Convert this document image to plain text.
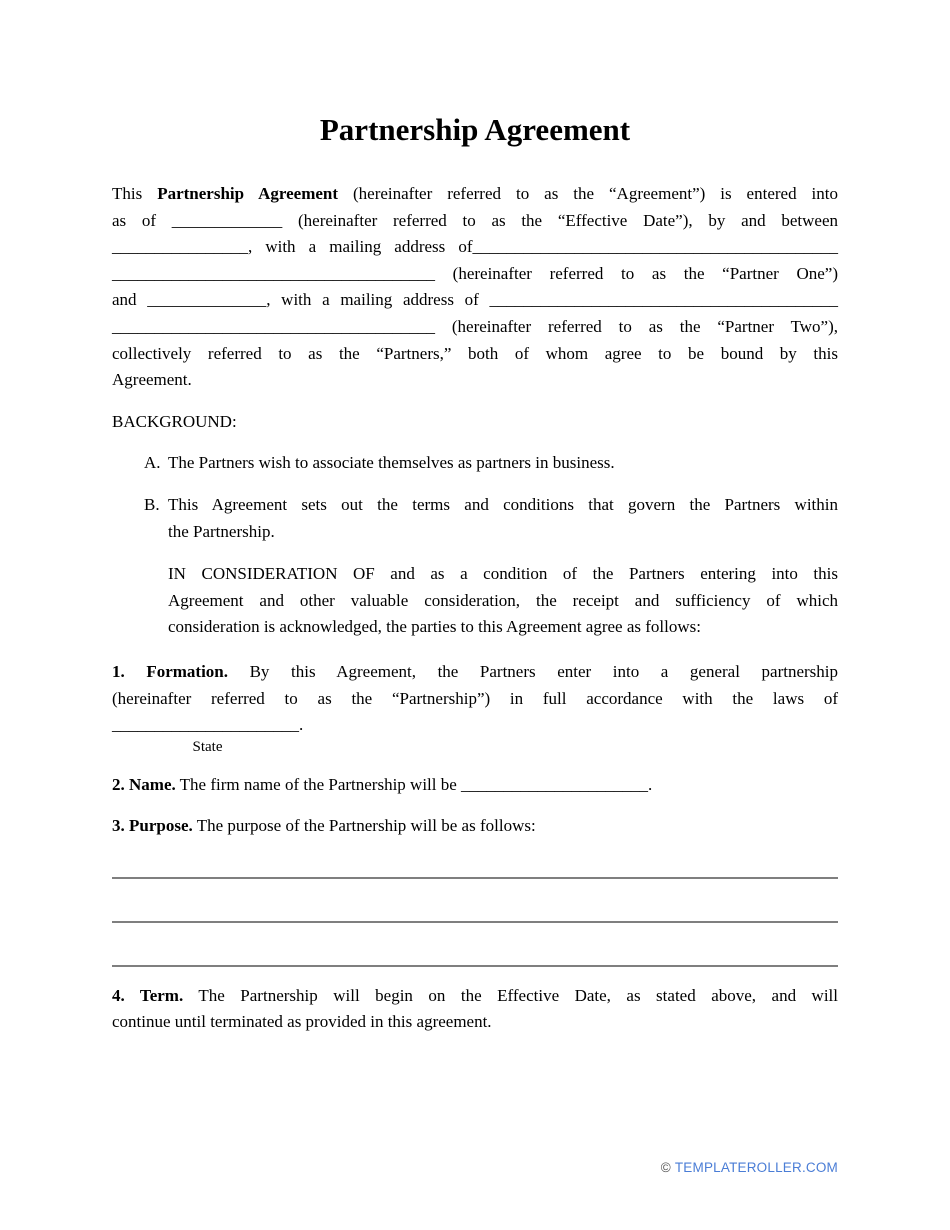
Partnership Agreement
This Partnership Agreement (hereinafter referred to as the “Agreement”) is entered into
as of _____________ (hereinafter referred to as the “Effective Date”), by and between
________________, with a mailing address of___________________________________________
______________________________________ (hereinafter referred to as the “Partner One”)
and ______________, with a mailing address of _________________________________________
______________________________________ (hereinafter referred to as the “Partner Two”),
collectively referred to as the “Partners,” both of whom agree to be bound by this
Agreement.
BACKGROUND:
A. The Partners wish to associate themselves as partners in business.
B. This Agreement sets out the terms and conditions that govern the Partners within
the Partnership.
IN CONSIDERATION OF and as a condition of the Partners entering into this
Agreement and other valuable consideration, the receipt and sufficiency of which
consideration is acknowledged, the parties to this Agreement agree as follows:
1. Formation. By this Agreement, the Partners enter into a general partnership
(hereinafter referred to as the “Partnership”) in full accordance with the laws of
______________________.
State
2. Name. The firm name of the Partnership will be ______________________.
3. Purpose. The purpose of the Partnership will be as follows:
4. Term. The Partnership will begin on the Effective Date, as stated above, and will
continue until terminated as provided in this agreement.
© TEMPLATEROLLER.COM
